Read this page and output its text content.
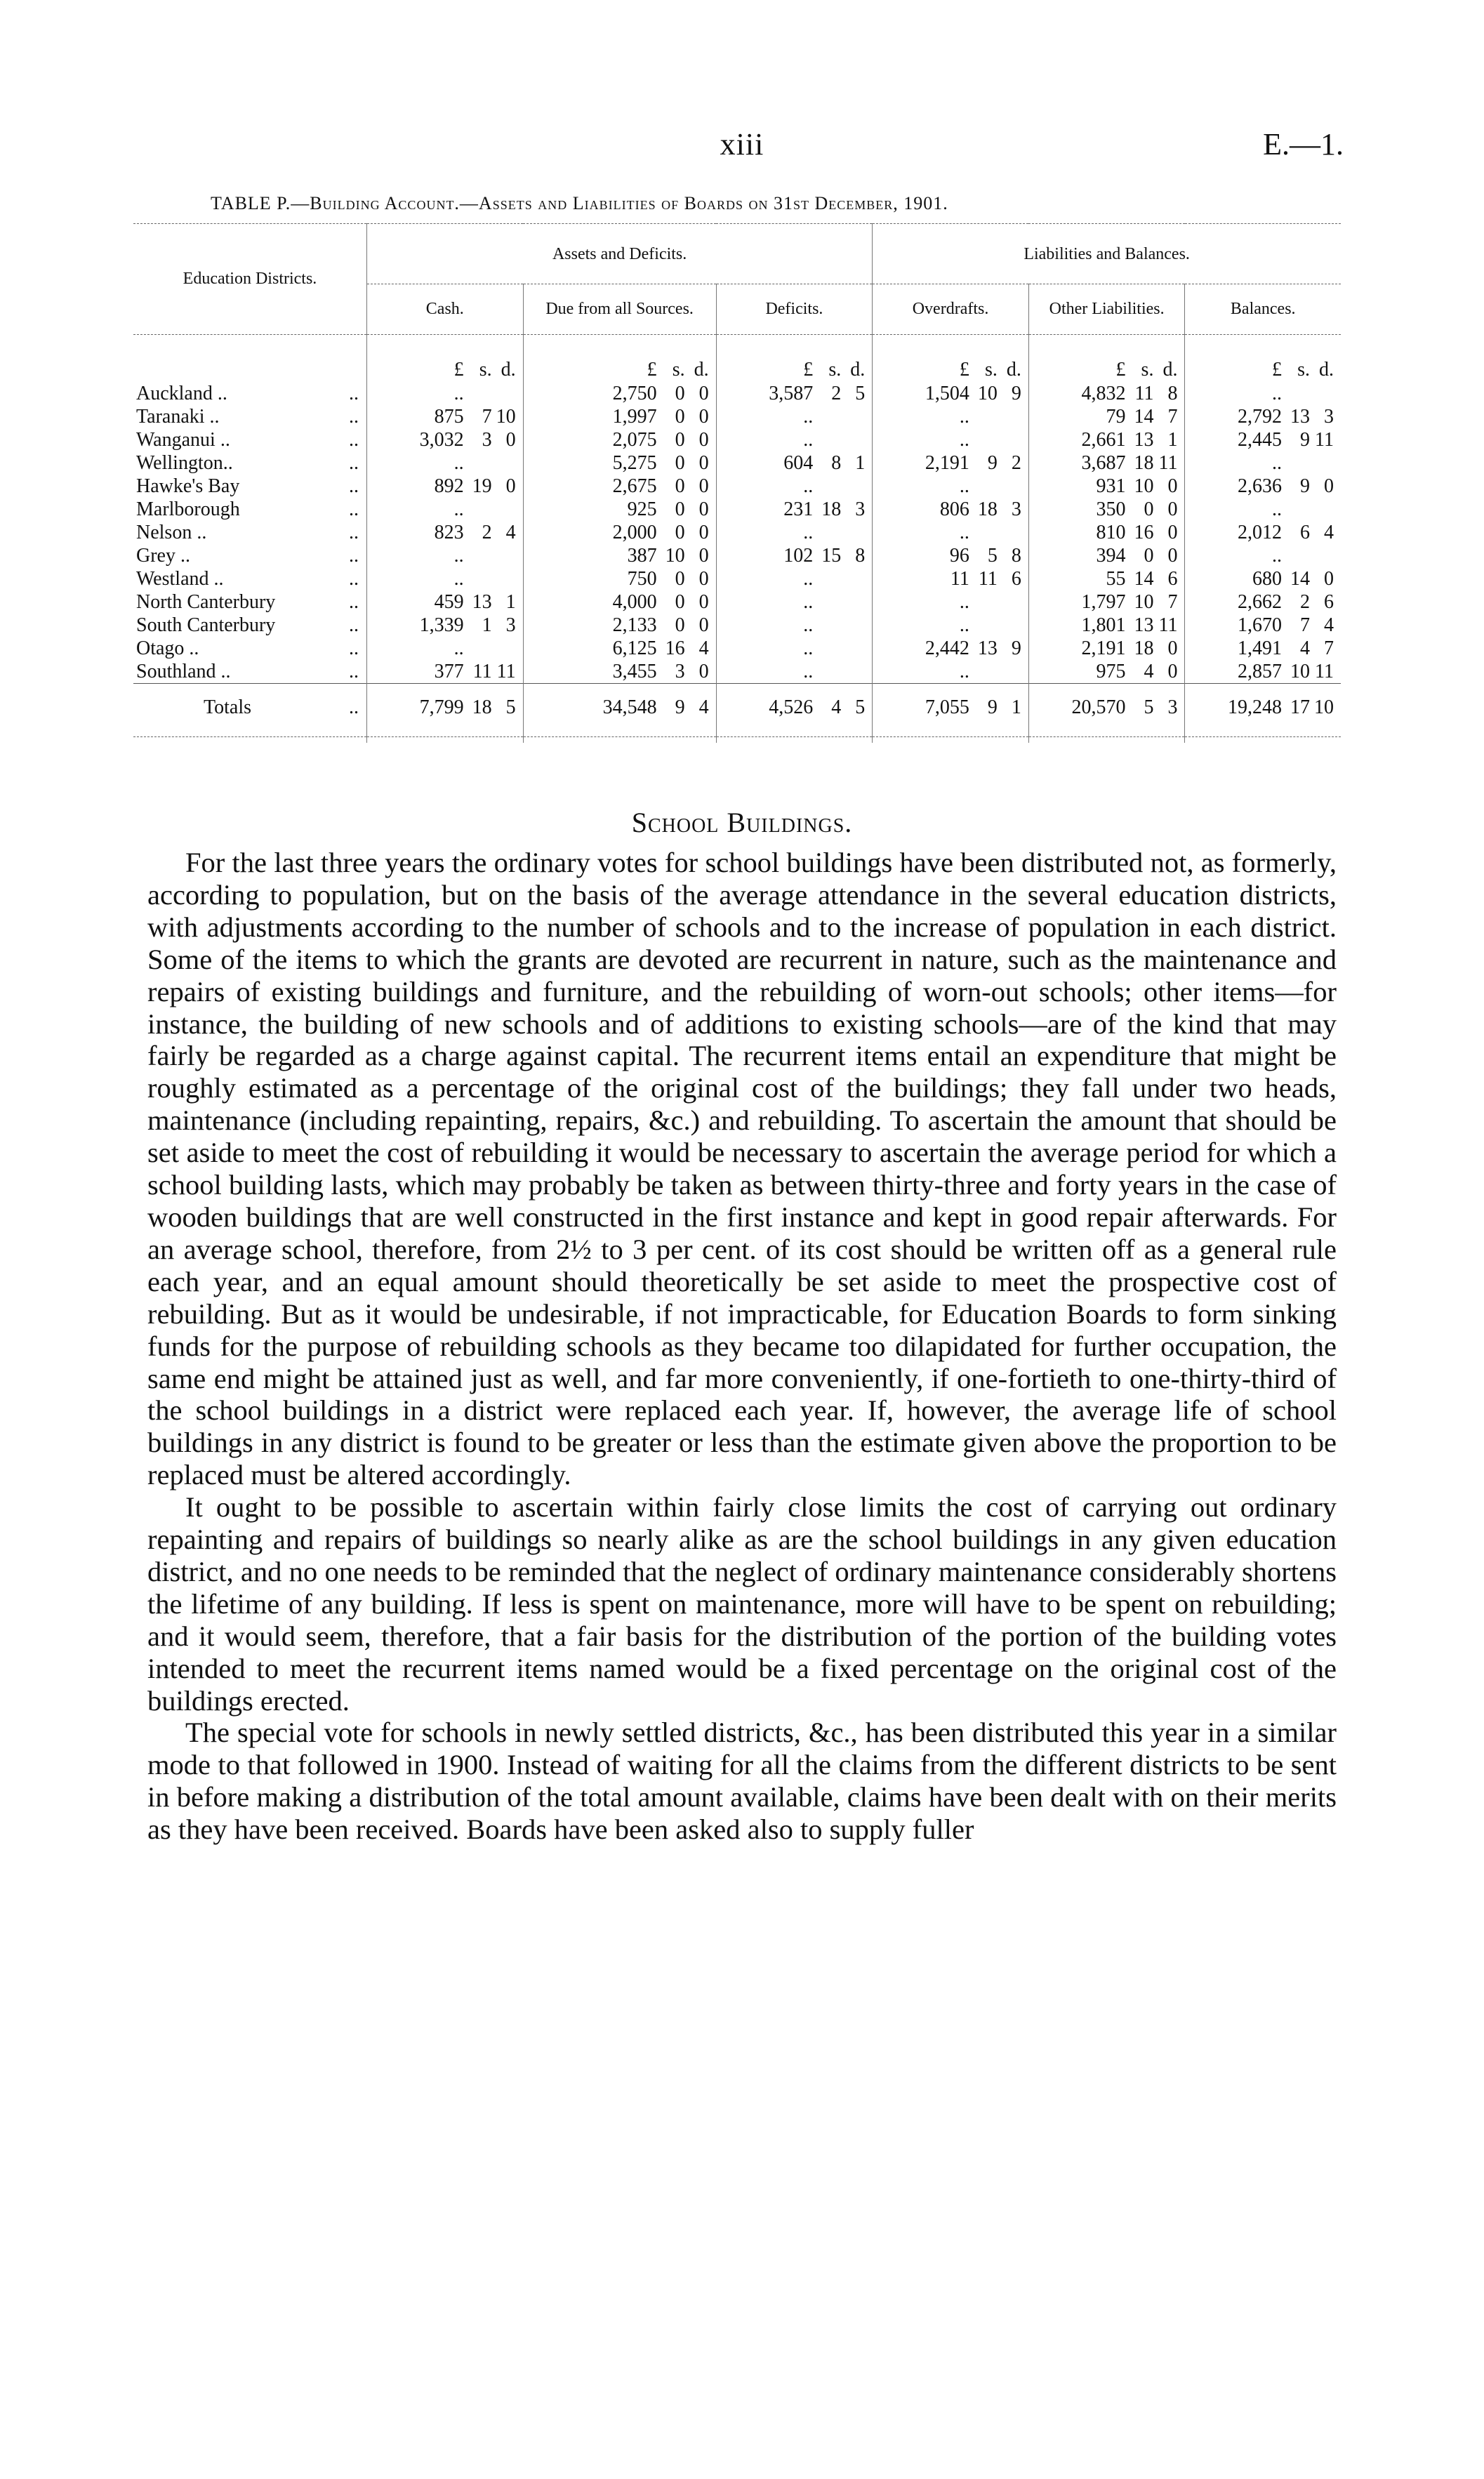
xiii	E.—1.
TABLE P.—Building Account.—Assets and Liabilities of Boards on 31st December, 1901.
Education Districts.	Assets and Deficits.			Liabilities and Balances.		
	Cash.	Due from all Sources.	Deficits.	Overdrafts.	Other Liabilities.	Balances.
	£ s. d.	£ s. d.	£ s. d.	£ s. d.	£ s. d.	£ s. d.
Auckland .. ..	..	2,750 0 0	3,587 2 5	1,504 10 9	4,832 11 8	..
Taranaki .. ..	875 7 10	1,997 0 0	..	..	79 14 7	2,792 13 3
Wanganui .. ..	3,032 3 0	2,075 0 0	..	..	2,661 13 1	2,445 9 11
Wellington.. ..	..	5,275 0 0	604 8 1	2,191 9 2	3,687 18 11	..
Hawke's Bay ..	892 19 0	2,675 0 0	..	..	931 10 0	2,636 9 0
Marlborough ..	..	925 0 0	231 18 3	806 18 3	350 0 0	..
Nelson .. ..	823 2 4	2,000 0 0	..	..	810 16 0	2,012 6 4
Grey .. ..	..	387 10 0	102 15 8	96 5 8	394 0 0	..
Westland .. ..	..	750 0 0	..	11 11 6	55 14 6	680 14 0
North Canterbury ..	459 13 1	4,000 0 0	..	..	1,797 10 7	2,662 2 6
South Canterbury ..	1,339 1 3	2,133 0 0	..	..	1,801 13 11	1,670 7 4
Otago .. ..	..	6,125 16 4	..	2,442 13 9	2,191 18 0	1,491 4 7
Southland .. ..	377 11 11	3,455 3 0	..	..	975 4 0	2,857 10 11
Totals ..	7,799 18 5	34,548 9 4	4,526 4 5	7,055 9 1	20,570 5 3	19,248 17 10

School Buildings.

For the last three years the ordinary votes for school buildings have been distributed not, as formerly, according to population, but on the basis of the average attendance in the several education districts, with adjustments according to the number of schools and to the increase of population in each district. Some of the items to which the grants are devoted are recurrent in nature, such as the maintenance and repairs of existing buildings and furniture, and the rebuilding of worn-out schools; other items—for instance, the building of new schools and of additions to existing schools—are of the kind that may fairly be regarded as a charge against capital. The recurrent items entail an expenditure that might be roughly estimated as a percentage of the original cost of the buildings; they fall under two heads, maintenance (including repainting, repairs, &c.) and rebuilding. To ascertain the amount that should be set aside to meet the cost of rebuilding it would be necessary to ascertain the average period for which a school building lasts, which may probably be taken as between thirty-three and forty years in the case of wooden buildings that are well constructed in the first instance and kept in good repair afterwards. For an average school, therefore, from 2½ to 3 per cent. of its cost should be written off as a general rule each year, and an equal amount should theoretically be set aside to meet the prospective cost of rebuilding. But as it would be undesirable, if not impracticable, for Education Boards to form sinking funds for the purpose of rebuilding schools as they became too dilapidated for further occupation, the same end might be attained just as well, and far more conveniently, if one-fortieth to one-thirty-third of the school buildings in a district were replaced each year. If, however, the average life of school buildings in any district is found to be greater or less than the estimate given above the proportion to be replaced must be altered accordingly.

It ought to be possible to ascertain within fairly close limits the cost of carrying out ordinary repainting and repairs of buildings so nearly alike as are the school buildings in any given education district, and no one needs to be reminded that the neglect of ordinary maintenance considerably shortens the lifetime of any building. If less is spent on maintenance, more will have to be spent on rebuilding; and it would seem, therefore, that a fair basis for the distribution of the portion of the building votes intended to meet the recurrent items named would be a fixed percentage on the original cost of the buildings erected.

The special vote for schools in newly settled districts, &c., has been distributed this year in a similar mode to that followed in 1900. Instead of waiting for all the claims from the different districts to be sent in before making a distribution of the total amount available, claims have been dealt with on their merits as they have been received. Boards have been asked also to supply fuller
